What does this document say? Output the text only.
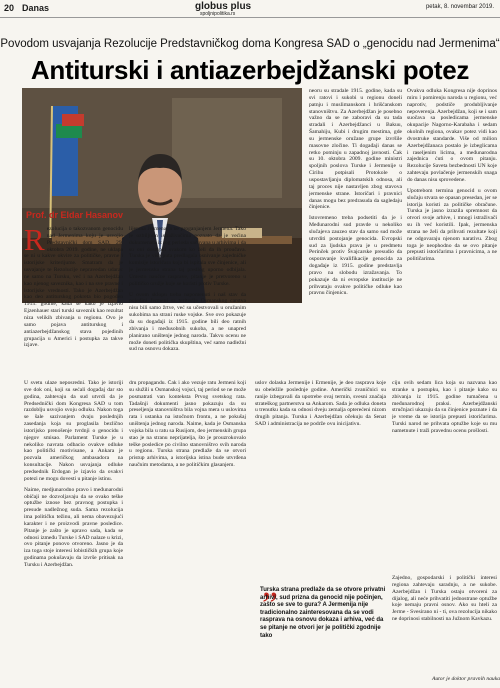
20 Danas	globus plus
spoljnipolitika.rs
petak, 8. novembar 2019.
Povodom usvajanja Rezolucije Predstavničkog doma Kongresa SAD o „genocidu nad Jermenima“
Antiturski i antiazerbejdžanski potez
Prof. dr Eldar Hasanov
R ezolucija o takozvanom genocidu nad Jermenima koju je usvojio Predstavnički dom SAD, 29. oktobra 2019. godine, ne uklapa se ni u kakve okvire za političke, pravne i istorijske kriterijume. Smatram da je usvajanje te Rezolucije nepravedan udarac ne samo na Tursku, već i na Azerbejdžan kao njenog saveznika, kao i na sve pravne i istorijske vrednosti. Tako je Azerbejdžan kao deo antiturskog pokreta bio pogođen 1915. godine, kada se kako je izjavio Ejzenhauer stari turski saveznik kao rezultat niza velikih zbivanja u regionu. Ovo je samo pojava antiturskog i antiazerbejdžanskog stava pojedinih grupacija u Americi i postupka za takve izjave.

U svetu ulaze neposredni. Tako je istoriji sve dok oni, koji su sećali događaj dar sto godina, zahtevaju da sud utvrdi da je Predsednički dom Kongresa SAD u tom razdoblju usvojio svoju odluku. Nakon toga se šale sazivanjem dvaju poslednjih zasedanja koja su proglasila bezlično istorijsko prenošenje tvrdnji o genocidu i njegov smisao. Parlament Turske je u nekoliko navrata odbacio ovakve odluke kao politički motivisane, a Ankara je pozvala američkog ambasadora na konsultacije. Nakon usvajanja odluke predsednik Erdogan je izjavio da ovakvi potezi ne mogu dovesti u pitanje istinu.

Naime, medjunarodno pravo i međunarodni običaji ne dozvoljavaju da se ovako teške optužbe iznose bez pravnog postupka i presude nadležnog suda. Sama rezolucija ima političku težinu, ali nema obavezujući karakter i ne proizvodi pravne posledice. Pitanje je zašto je upravo sada, kada se odnosi između Turske i SAD nalaze u krizi, ovo pitanje ponovo otvoreno. Jasno je da iza toga stoje interesi lobističkih grupa koje godinama pokušavaju da izvrše pritisak na Tursku i Azerbejdžan.

lijerana Jermena, a ne proganjanjem Jermena. Tako je ozbiljnim istraživačima poznato da je većina dokumenata iz tog perioda sačuvana u arhivima i da su oni dostupni svakom ko želi da ih proučava. Turska je više puta predlagala osnivanje zajedničke komisije istoričara koja bi ispitala sve činjenice, ali je jermenska strana taj predlog uporno odbijala. Umesto naučne rasprave, pitanje je pretvoreno u političko oružje koje se koristi protiv Turske.

U ovom sklopu treba napomenuti i naš stav da pojedini Jermeni sa teritorije Osmanskog carstva nisu bili samo žrtve, već su učestvovali u oružanim sukobima na strani ruske vojske. Sve ovo pokazuje da su događaji iz 1915. godine bili deo ratnih zbivanja i međusobnih sukoba, a ne unapred planirano uništenje jednog naroda. Takvu ocenu ne može doneti politička skupština, već samo nadležni sud na osnovu dokaza.

dru propagandu. Čak i ako vezuje ratu Jermeni koji su služili u Osmanskoj vojsci, taj period se ne može posmatrati van konteksta Prvog svetskog rata. Tadašnji dokumenti jasno pokazuju da su preseljenja stanovništva bila vojna mera u uslovima rata i ustanka na istočnom frontu, a ne pokušaj uništenja jednog naroda. Naime, kada je Osmanska vojska bila u ratu sa Rusijom, deo jermenskih grupa stao je na stranu neprijatelja, što je prouzrokovalo teške posledice po civilno stanovništvo svih naroda u regionu. Turska strana predlaže da se otvori pristup arhivima, a istorijska istina bude utvrđena naučnim metodama, a ne političkim glasanjem.

neoru su stradale 1915. godine, kada su svi ratovi i sukobi u regionu doneli patnju i muslimanskom i hrišćanskom stanovništvu. Za Azerbejdžan je posebno važno da se ne zaboravi da su tada stradali i Azerbejdžanci u Bakuu, Šamahiju, Kubi i drugim mestima, gde su jermenske oružane grupe izvršile masovne zločine. Ti događaji danas se retko pominju u zapadnoj javnosti. Čak su 10. oktobra 2009. godine ministri spoljnih poslova Turske i Jermenije u Cirihu potpisali Protokole o uspostavljanju diplomatskih odnosa, ali taj proces nije nastavljen zbog stavova jermenske strane. Istoričari i pravnici danas mogu bez predrasuda da sagledaju činjenice.

Istovremeno treba podsetiti da je i Međunarodni sud pravde u nekoliko slučajeva zauzeo stav da samo sud može utvrditi postojanje genocida. Evropski sud za ljudska prava je u predmetu Perinček protiv Švajcarske presudio da osporavanje kvalifikacije genocida za događaje iz 1915. godine predstavlja pravo na slobodu izražavanja. To pokazuje da ni evropske institucije ne prihvataju ovakve političke odluke kao pravnu činjenicu.

uslov dolaska Jermenije i Ermenije, je deo rasprava koje su obeležile poslednje godine. Američki zvaničnici su ranije izbegavali da upotrebe ovaj termin, svesni značaja strateškog partnerstva sa Ankarom. Sada je odluka doneta u trenutku kada su odnosi dveju zemalja opterećeni nizom drugih pitanja. Turska i Azerbejdžan očekuju da Senat SAD i administracija ne podrže ovu inicijativu.

Ovakva odluka Kongresa nije doprinos miru i pomirenju naroda u regionu, već naprotiv, podstiče produbljivanje nepoverenja. Azerbejdžan, koji se i sam suočava sa posledicama jermenske okupacije Nagorno-Karabaha i sedam okolnih regiona, ovakav potez vidi kao dvostruke standarde. Više od milion Azerbejdžanaca postalo je izbeglicama i raseljenim licima, a međunarodna zajednica ćuti o ovom pitanju. Rezolucije Saveta bezbednosti UN koje zahtevaju povlačenje jermenskih snaga do danas nisu sprovedene.

Upotrebom termina genocid u ovom slučaju stvara se opasan presedan, jer se istorija koristi za političke obračune. Turska je jasno izrazila spremnost da otvori svoje arhive, i mnogi istraživači su ih već koristili. Ipak, jermenska strana ne želi da prihvati rezultate koji ne odgovaraju njenom narativu. Zbog toga je neophodno da se ovo pitanje prepusti istoričarima i pravnicima, a ne političarima.

ciju ovih sedam lica koja su nazvana kao stranke u postupku, kao i pitanje kako su zbivanja iz 1915. godine tumačena u međunarodnoj praksi. Azerbejdžanski stručnjaci ukazuju da su činjenice poznate i da je vreme da se istorija prepusti istoričarima. Turski narod ne prihvata optužbe koje su mu nametnute i traži pravednu ocenu prošlosti.

Zajedno, gospodarski i politički interesi regiona zahtevaju saradnju, a ne sukobe. Azerbejdžan i Turska ostaju otvoreni za dijalog, ali neće prihvatiti jednostrane optužbe koje nemaju pravni osnov. Ako su hteli za Jerme - Svesirano ni - ti, ova rezolucija nikako ne doprinosi stabilnosti na Južnom Kavkazu.

„
Turska strana predlaže da se otvore privatni arhivi, sud prizna da genocid nije počinjen, zašto se sve to gura? A Jermenija nije tradicionalno zainteresovana da se vodi rasprava na osnovu dokaza i arhiva, već da se pitanje ne otvori jer je politički zgodnije tako
Autor je doktor pravnih nauka
